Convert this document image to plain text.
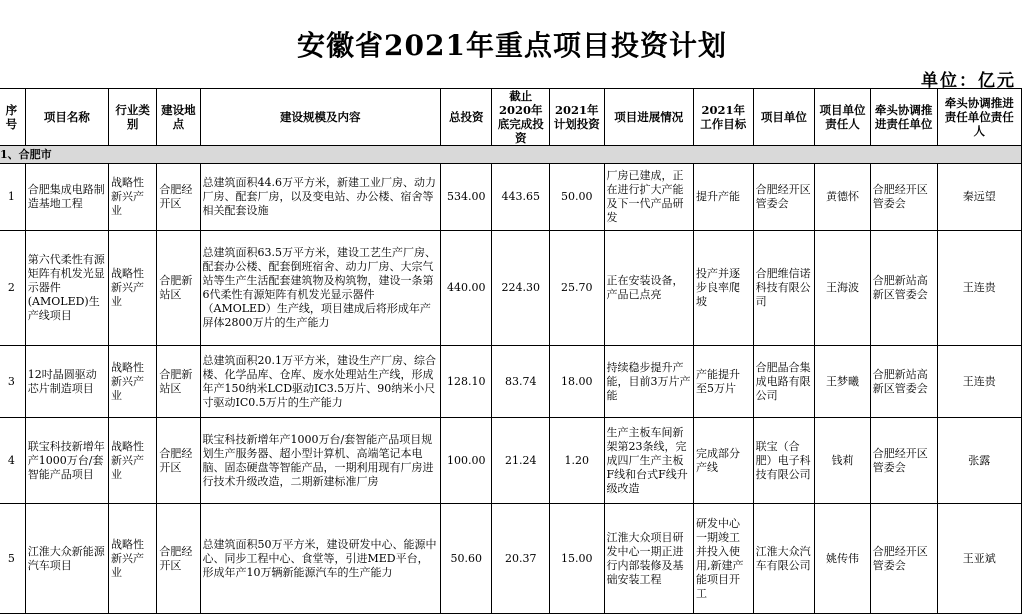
安徽省2021年重点项目投资计划
单位：亿元
序号	项目名称	行业类别	建设地点	建设规模及内容	总投资	截止2020年底完成投资	2021年计划投资	项目进展情况	2021年工作目标	项目单位	项目单位责任人	牵头协调推进责任单位	牵头协调推进责任单位责任人
1、合肥市													
1	合肥集成电路制造基地工程	战略性新兴产业	合肥经开区	总建筑面积44.6万平方米，新建工业厂房、动力厂房、配套厂房，以及变电站、办公楼、宿舍等相关配套设施	534.00	443.65	50.00	厂房已建成，正在进行扩大产能及下一代产品研发	提升产能	合肥经开区管委会	黄德怀	合肥经开区管委会	秦远望
2	第六代柔性有源矩阵有机发光显示器件(AMOLED)生产线项目	战略性新兴产业	合肥新站区	总建筑面积63.5万平方米，建设工艺生产厂房、配套办公楼、配套倒班宿舍、动力厂房、大宗气站等生产生活配套建筑物及构筑物，建设一条第6代柔性有源矩阵有机发光显示器件（AMOLED）生产线，项目建成后将形成年产屏体2800万片的生产能力	440.00	224.30	25.70	正在安装设备，产品已点亮	投产并逐步良率爬坡	合肥维信诺科技有限公司	王海波	合肥新站高新区管委会	王连贵
3	12吋晶圆驱动芯片制造项目	战略性新兴产业	合肥新站区	总建筑面积20.1万平方米，建设生产厂房、综合楼、化学品库、仓库、废水处理站生产线，形成年产150纳米LCD驱动IC3.5万片、90纳米小尺寸驱动IC0.5万片的生产能力	128.10	83.74	18.00	持续稳步提升产能，目前3万片产能	产能提升至5万片	合肥晶合集成电路有限公司	王梦曦	合肥新站高新区管委会	王连贵
4	联宝科技新增年产1000万台/套智能产品项目	战略性新兴产业	合肥经开区	联宝科技新增年产1000万台/套智能产品项目规划生产服务器、超小型计算机、高端笔记本电脑、固态硬盘等智能产品，一期利用现有厂房进行技术升级改造，二期新建标准厂房	100.00	21.24	1.20	生产主板车间新架第23条线，完成四厂生产主板F线和台式F线升级改造	完成部分产线	联宝（合肥）电子科技有限公司	钱莉	合肥经开区管委会	张露
5	江淮大众新能源汽车项目	战略性新兴产业	合肥经开区	总建筑面积50万平方米，建设研发中心、能源中心、同步工程中心、食堂等，引进MED平台，形成年产10万辆新能源汽车的生产能力	50.60	20.37	15.00	江淮大众项目研发中心一期正进行内部装修及基础安装工程	研发中心一期竣工并投入使用,新建产能项目开工	江淮大众汽车有限公司	姚传伟	合肥经开区管委会	王亚斌
